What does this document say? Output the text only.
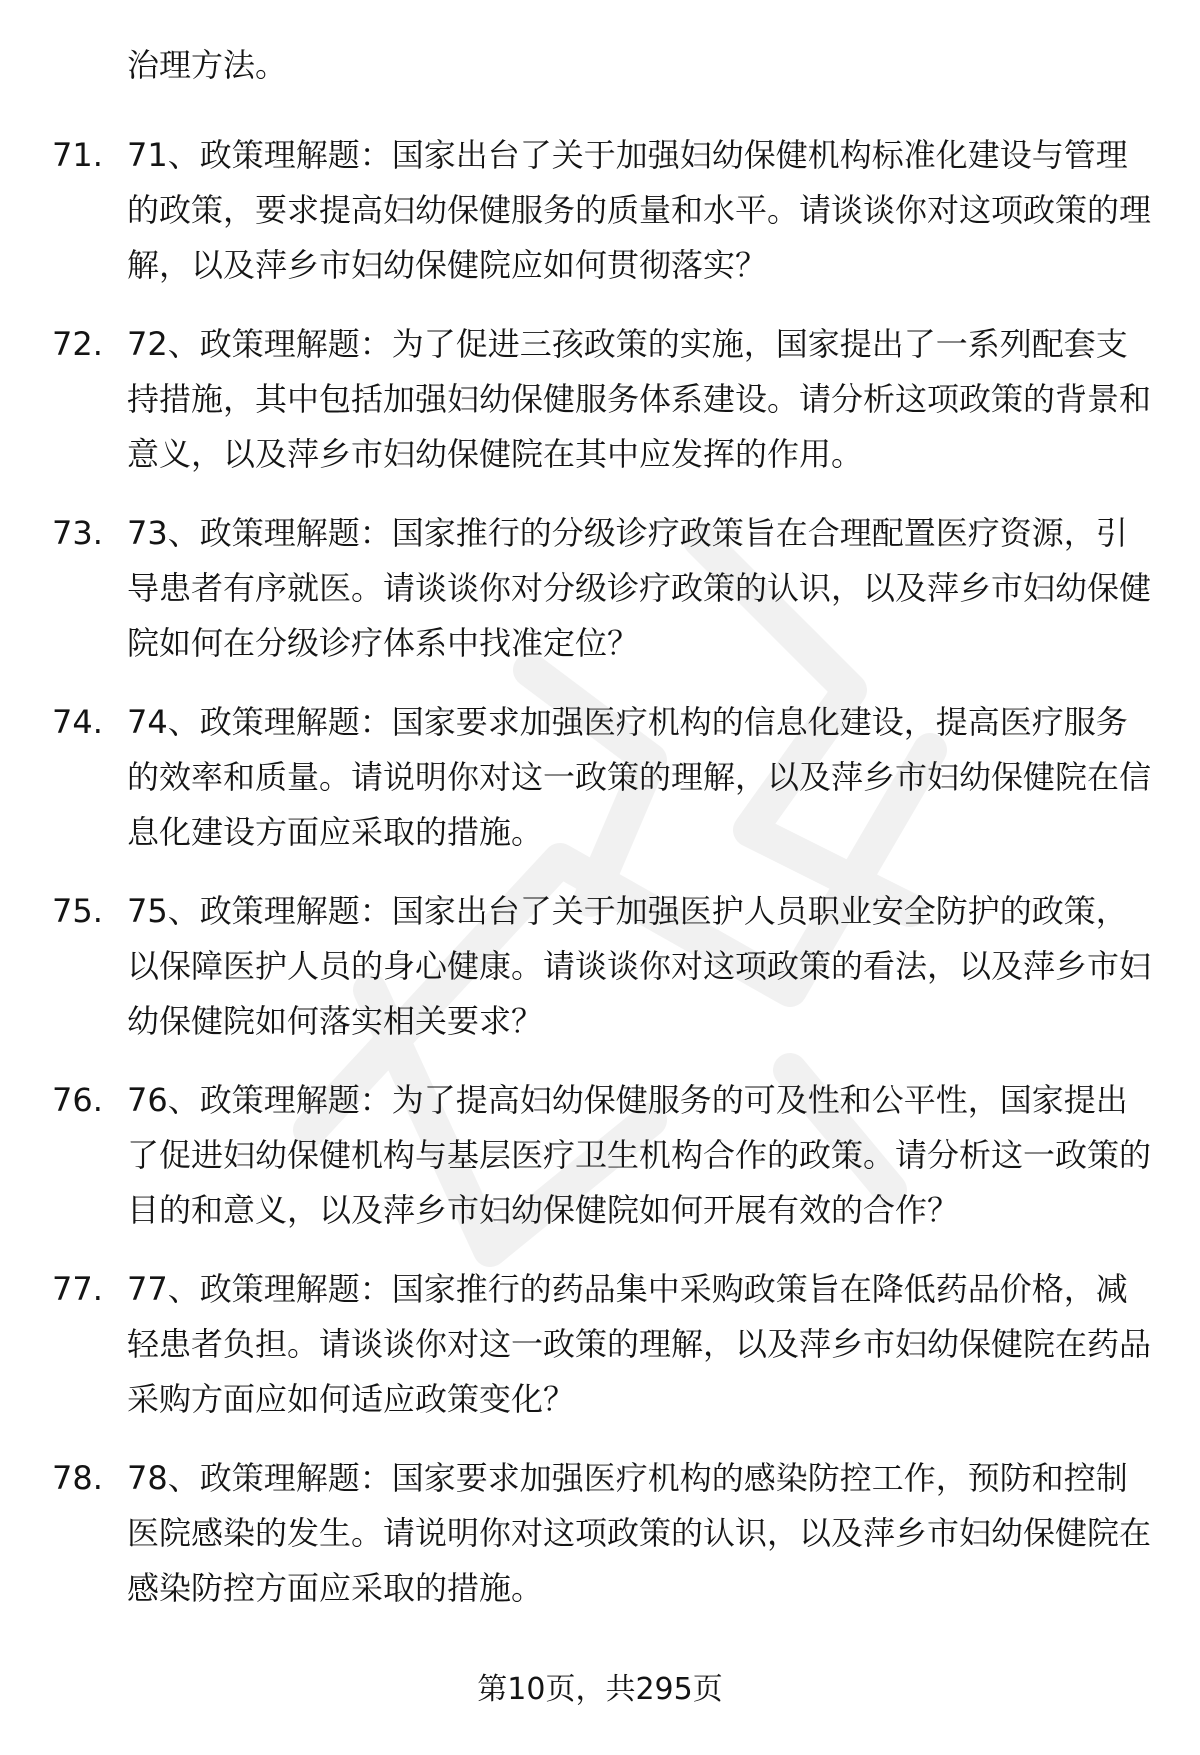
治理方法。
71. 71、政策理解题：国家出台了关于加强妇幼保健机构标准化建设与管理的政策，要求提高妇幼保健服务的质量和水平。请谈谈你对这项政策的理解，以及萍乡市妇幼保健院应如何贯彻落实？
72. 72、政策理解题：为了促进三孩政策的实施，国家提出了一系列配套支持措施，其中包括加强妇幼保健服务体系建设。请分析这项政策的背景和意义，以及萍乡市妇幼保健院在其中应发挥的作用。
73. 73、政策理解题：国家推行的分级诊疗政策旨在合理配置医疗资源，引导患者有序就医。请谈谈你对分级诊疗政策的认识，以及萍乡市妇幼保健院如何在分级诊疗体系中找准定位？
74. 74、政策理解题：国家要求加强医疗机构的信息化建设，提高医疗服务的效率和质量。请说明你对这一政策的理解，以及萍乡市妇幼保健院在信息化建设方面应采取的措施。
75. 75、政策理解题：国家出台了关于加强医护人员职业安全防护的政策，以保障医护人员的身心健康。请谈谈你对这项政策的看法，以及萍乡市妇幼保健院如何落实相关要求？
76. 76、政策理解题：为了提高妇幼保健服务的可及性和公平性，国家提出了促进妇幼保健机构与基层医疗卫生机构合作的政策。请分析这一政策的目的和意义，以及萍乡市妇幼保健院如何开展有效的合作？
77. 77、政策理解题：国家推行的药品集中采购政策旨在降低药品价格，减轻患者负担。请谈谈你对这一政策的理解，以及萍乡市妇幼保健院在药品采购方面应如何适应政策变化？
78. 78、政策理解题：国家要求加强医疗机构的感染防控工作，预防和控制医院感染的发生。请说明你对这项政策的认识，以及萍乡市妇幼保健院在感染防控方面应采取的措施。
第10页，共295页
